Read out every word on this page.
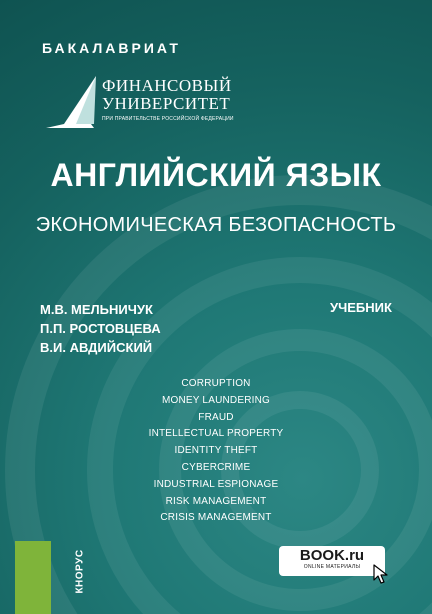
БАКАЛАВРИАТ
ФИНАНСОВЫЙ
УНИВЕРСИТЕТ
ПРИ ПРАВИТЕЛЬСТВЕ РОССИЙСКОЙ ФЕДЕРАЦИИ
АНГЛИЙСКИЙ ЯЗЫК
ЭКОНОМИЧЕСКАЯ БЕЗОПАСНОСТЬ
М.В. МЕЛЬНИЧУК
П.П. РОСТОВЦЕВА
В.И. АВДИЙСКИЙ
УЧЕБНИК
CORRUPTION
MONEY LAUNDERING
FRAUD
INTELLECTUAL PROPERTY
IDENTITY THEFT
CYBERCRIME
INDUSTRIAL ESPIONAGE
RISK MANAGEMENT
CRISIS MANAGEMENT
КНОРУС	BOOK.ru
ONLINE МАТЕРИАЛЫ
